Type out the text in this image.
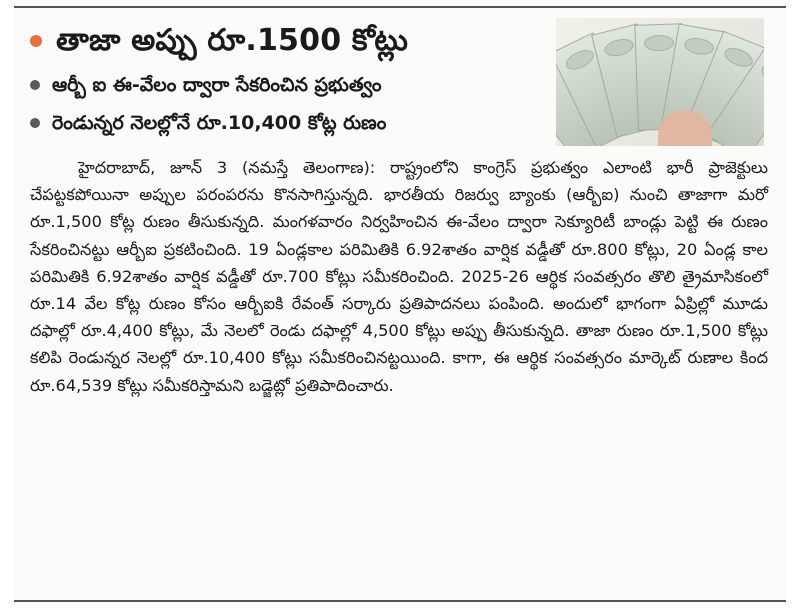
తాజా అప్పు రూ.1500 కోట్లు
ఆర్బీ ఐ ఈ-వేలం ద్వారా సేకరించిన ప్రభుత్వం
రెండున్నర నెలల్లోనే రూ.10,400 కోట్ల రుణం

హైదరాబాద్, జూన్ 3 (నమస్తే తెలంగాణ): రాష్ట్రంలోని కాంగ్రెస్ ప్రభుత్వం ఎలాంటి భారీ ప్రాజెక్టులు చేపట్టకపోయినా అప్పుల పరంపరను కొనసాగిస్తున్నది. భారతీయ రిజర్వు బ్యాంకు (ఆర్బీఐ) నుంచి తాజాగా మరో రూ.1,500 కోట్ల రుణం తీసుకున్నది. మంగళవారం నిర్వహించిన ఈ-వేలం ద్వారా సెక్యూరిటీ బాండ్లు పెట్టి ఈ రుణం సేకరించినట్టు ఆర్బీఐ ప్రకటించింది. 19 ఏండ్లకాల పరిమితికి 6.92శాతం వార్షిక వడ్డీతో రూ.800 కోట్లు, 20 ఏండ్ల కాల పరిమితికి 6.92శాతం వార్షిక వడ్డీతో రూ.700 కోట్లు సమీకరించింది. 2025-26 ఆర్థిక సంవత్సరం తొలి త్రైమాసికంలో రూ.14 వేల కోట్ల రుణం కోసం ఆర్బీఐకి రేవంత్ సర్కారు ప్రతిపాదనలు పంపింది. అందులో భాగంగా ఏప్రిల్లో మూడు దఫాల్లో రూ.4,400 కోట్లు, మే నెలలో రెండు దఫాల్లో 4,500 కోట్లు అప్పు తీసుకున్నది. తాజా రుణం రూ.1,500 కోట్లు కలిపి రెండున్నర నెలల్లో రూ.10,400 కోట్లు సమీకరించినట్టయింది. కాగా, ఈ ఆర్థిక సంవత్సరం మార్కెట్ రుణాల కింద రూ.64,539 కోట్లు సమీకరిస్తామని బడ్జెట్లో ప్రతిపాదించారు.
